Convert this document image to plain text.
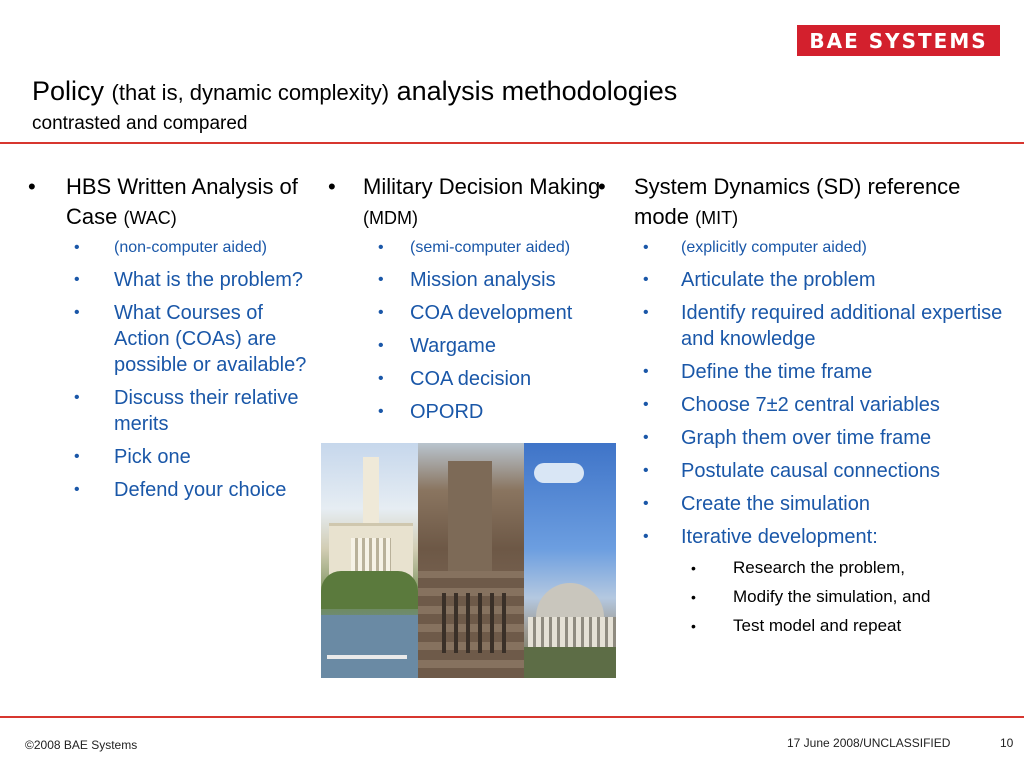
BAE SYSTEMS
Policy (that is, dynamic complexity) analysis methodologies
contrasted and compared
• HBS Written Analysis of Case (WAC)
• (non-computer aided)
• What is the problem?
• What Courses of Action (COAs) are possible or available?
• Discuss their relative merits
• Pick one
• Defend your choice
• Military Decision Making (MDM)
• (semi-computer aided)
• Mission analysis
• COA development
• Wargame
• COA decision
• OPORD
• System Dynamics (SD) reference mode (MIT)
• (explicitly computer aided)
• Articulate the problem
• Identify required additional expertise and knowledge
• Define the time frame
• Choose 7±2 central variables
• Graph them over time frame
• Postulate causal connections
• Create the simulation
• Iterative development:
• Research the problem,
• Modify the simulation, and
• Test model and repeat
©2008 BAE Systems	17 June 2008/UNCLASSIFIED	10
